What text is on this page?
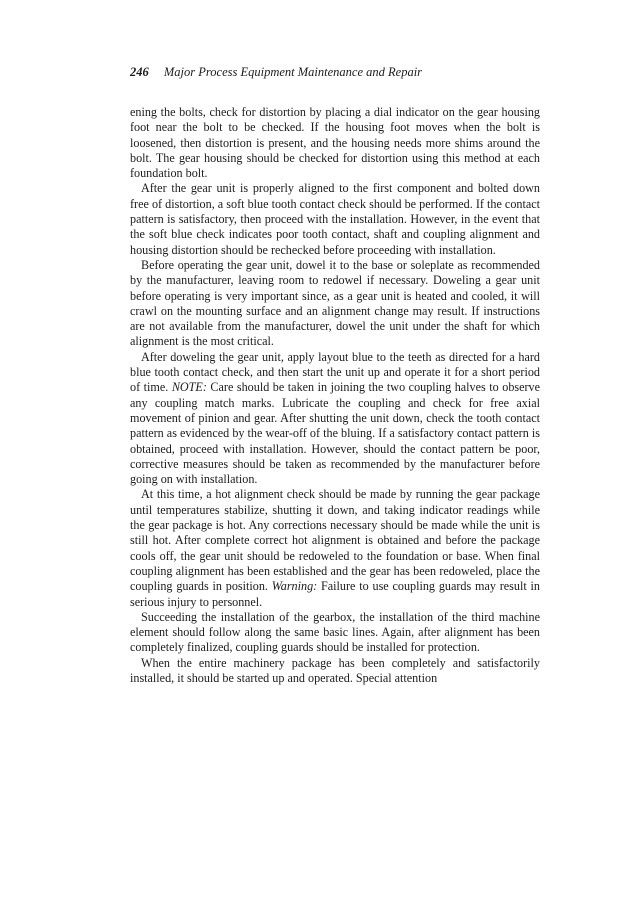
246 Major Process Equipment Maintenance and Repair

ening the bolts, check for distortion by placing a dial indicator on the gear housing foot near the bolt to be checked. If the housing foot moves when the bolt is loosened, then distortion is present, and the housing needs more shims around the bolt. The gear housing should be checked for distortion using this method at each foundation bolt.

After the gear unit is properly aligned to the first component and bolted down free of distortion, a soft blue tooth contact check should be performed. If the contact pattern is satisfactory, then proceed with the installation. However, in the event that the soft blue check indicates poor tooth contact, shaft and coupling alignment and housing distortion should be rechecked before proceeding with installation.

Before operating the gear unit, dowel it to the base or soleplate as recommended by the manufacturer, leaving room to redowel if necessary. Doweling a gear unit before operating is very important since, as a gear unit is heated and cooled, it will crawl on the mounting surface and an alignment change may result. If instructions are not available from the manufacturer, dowel the unit under the shaft for which alignment is the most critical.

After doweling the gear unit, apply layout blue to the teeth as directed for a hard blue tooth contact check, and then start the unit up and operate it for a short period of time. NOTE: Care should be taken in joining the two coupling halves to observe any coupling match marks. Lubricate the coupling and check for free axial movement of pinion and gear. After shutting the unit down, check the tooth contact pattern as evidenced by the wear-off of the bluing. If a satisfactory contact pattern is obtained, proceed with installation. However, should the contact pattern be poor, corrective measures should be taken as recommended by the manufacturer before going on with installation.

At this time, a hot alignment check should be made by running the gear package until temperatures stabilize, shutting it down, and taking indicator readings while the gear package is hot. Any corrections necessary should be made while the unit is still hot. After complete correct hot alignment is obtained and before the package cools off, the gear unit should be redoweled to the foundation or base. When final coupling alignment has been established and the gear has been redoweled, place the coupling guards in position. Warning: Failure to use coupling guards may result in serious injury to personnel.

Succeeding the installation of the gearbox, the installation of the third machine element should follow along the same basic lines. Again, after alignment has been completely finalized, coupling guards should be installed for protection.

When the entire machinery package has been completely and satisfactorily installed, it should be started up and operated. Special attention
